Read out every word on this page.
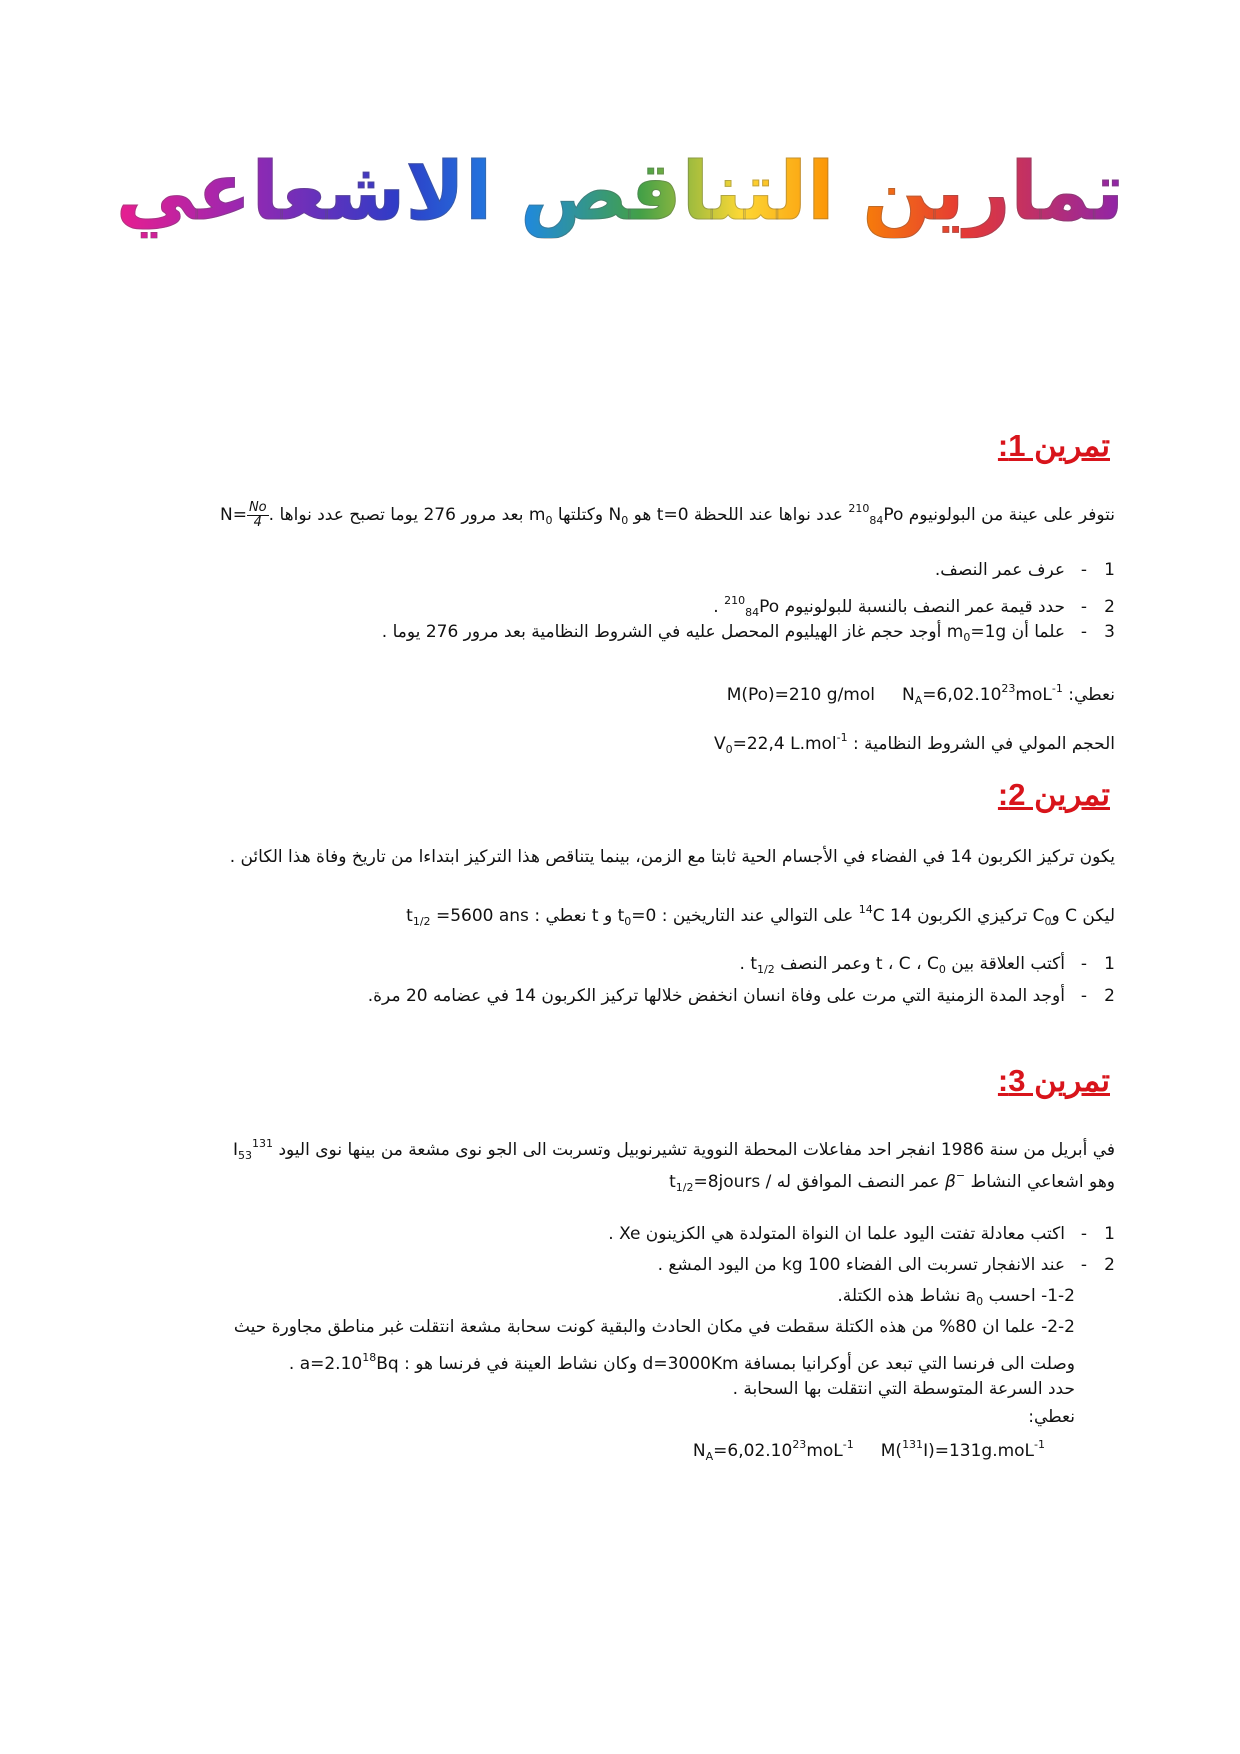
تمارين التناقص الاشعاعي
تمرين 1:
نتوفر على عينة من البولونيوم $^{210}_{84}$Po عدد نواها عند اللحظة t=0 هو $N_0$ وكتلتها $m_0$ بعد مرور 276 يوما تصبح عدد نواها $N= \frac{No}{4}$ .
1-عرف عمر النصف.
2-حدد قيمة عمر النصف بالنسبة للبولونيوم $^{210}_{84}$Po .
3-علما أن $m_0=1g$ أوجد حجم غاز الهيليوم المحصل عليه في الشروط النظامية بعد مرور 276 يوما .
نعطي: M(Po)=210 g/mol $N_A=6,02.10^{23}moL^{-1}$
الحجم المولي في الشروط النظامية : $V_0=22,4$ L.mol$^{-1}$
تمرين 2:
يكون تركيز الكربون 14 في الفضاء في الأجسام الحية ثابتا مع الزمن، بينما يتناقص هذا التركيز ابتداءا من تاريخ وفاة هذا الكائن .
ليكن C وC$_0$ تركيزي الكربون 14 $^{14}$C على التوالي عند التاريخين : $t_0=0$ و t نعطي : $t_{1/2} =5600$ ans
1-أكتب العلاقة بين t ، C ، $C_0$ وعمر النصف $t_{1/2}$ .
2-أوجد المدة الزمنية التي مرت على وفاة انسان انخفض خلالها تركيز الكربون 14 في عضامه 20 مرة.
تمرين 3:
في أبريل من سنة 1986 انفجر احد مفاعلات المحطة النووية تشيرنوبيل وتسربت الى الجو نوى مشعة من بينها نوى اليود $I_{53}^{131}$
وهو اشعاعي النشاط β− عمر النصف الموافق له / $t_{1/2}=8jours$
1-اكتب معادلة تفتت اليود علما ان النواة المتولدة هي الكزينون Xe .
2-عند الانفجار تسربت الى الفضاء 100 kg من اليود المشع .
1-2- احسب $a_0$ نشاط هذه الكتلة.
2-2- علما ان 80% من هذه الكتلة سقطت في مكان الحادث والبقية كونت سحابة مشعة انتقلت غبر مناطق مجاورة حيث
وصلت الى فرنسا التي تبعد عن أوكرانيا بمسافة d=3000Km وكان نشاط العينة في فرنسا هو : $a=2.10^{18}Bq$ .
حدد السرعة المتوسطة التي انتقلت بها السحابة .
نعطي:
$N_A=6,02.10^{23}moL^{-1}$ M($^{131}$I)=131g.moL$^{-1}$
